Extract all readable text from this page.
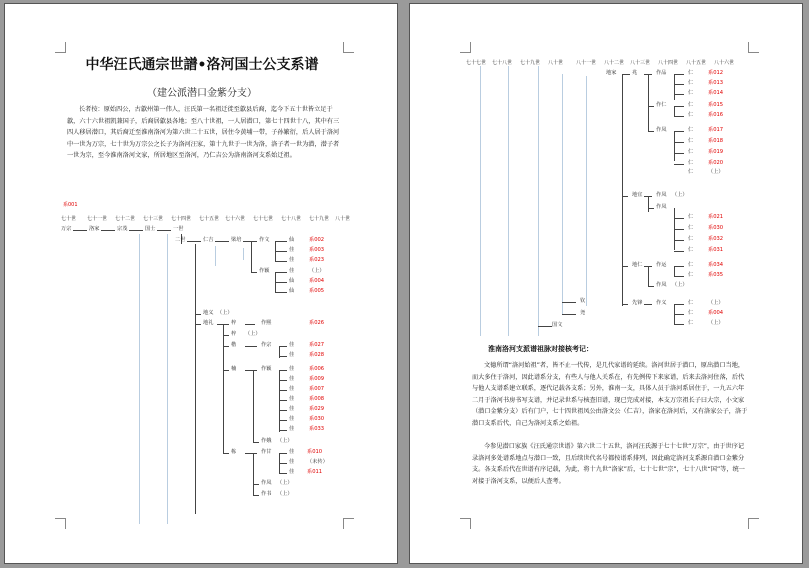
中华汪氏通宗世譜•洛河国士公支系谱
（建公派潜口金紫分支）
长者按：原始四公，古歙州第一伟人，汪氏第一名祖迁徙至歙县后裔，迄今下五十世皆立足于歙，六十六世祖凯兼国子，后裔居歙县各地；至八十世祖，一人居潜口，第七十四世十八，其中有三四人移居潜口，其后裔迁至淮南洛河为第六世二十五世，居住今黄埔一带，子孙繁衍，后人居于洛河中一世为万宗，七十世为万宗公之长子为洛河汪家，第十九世于一世为洛，洛子者一世为潜，潜子者一世为宗，至今淮南洛河文家，所居地区至洛河，乃仁吉公为洛南洛河支系始迁祖。
系001
七十世 七十一世 七十二世 七十三世 七十四世 七十五世 七十六世 七十七世 七十八世 七十九世 八十世
万宗	洛家	宗茂	国士	一世
二世	仁吉	梁培	作文	仙	系002
佳	系003
佳	系023
作颖	佳	（上）
仙	系004
仙	系005
地义 （上）
地礼	梓	作熙	系026
梓 （上）
楷	作宗	佳	系027
佳	系028
楠	作颖	佳	系006
佳	系009
佳	系007
佳	系008
佳	系029
佳	系030
佳	系033
作娥 （上）
栋	作甘	佳 系010
佳 （未传）
佳 系011
作凤 （上）
作书 （上）
七十七世 七十八世 七十九世 八十世	八十一世 八十二世 八十三世 八十四世 八十五世 八十六世
地家	兆	作品	仁	系012
仁	系013
仁	系014
作仁	仁	系015
仁	系016
作凤	仁	系017
仁	系018
仁	系019
仁	系020
仁	（上）
地宜	作凤 （上）
作凤
仁	系021
仁	系030
仁	系032
仁	系031
地仁	作运	仁	系034
仁	系035
作凤 （上）
先锋	作义	仁	（上）
仁	系004
仁	（上）
钦
尧
国文
淮南洛河支派谱祖脉对接核考记：
文德所谓“洛河始祖”者，皆不止一代传，是几代家谱的延续。洛河世居于潜口，原出潜口当地，而大多住于洛河，因此谱系分支，有些人与他人关系在，有先例传下来家谱，后来去洛河住落，后代与他人支谱系建立联系，逐代记载各支系；另外，淮南一支，具体人员于洛河系居住于，一九五六年二月于洛河书房书写支谱，并记录世系与核查旧谱，现已完成对接，本支万宗祖长子曰大宗，小文家（潜口金紫分支）后有门户，七十四世祖凤公由洛文公（仁吉），洛家在洛河后，又有洛家公子，洛于潜口支系后代，自己为洛河支系之始祖。
今参见潜口家族《汪氏通宗世谱》第六世二十五世，洛河汪氏源于七十七世“万宗”，由于世序记录洛河多处谱系地点与潜口一致，且后续世代名号都按谱系排列，因此确定洛河支系源自潜口金紫分支。各支系后代在世谱有序记载，为此，将十九世“洛家”后，七十七世“宗”，七十八世“国”等，统一对接于洛河支系，以便后人查考。
